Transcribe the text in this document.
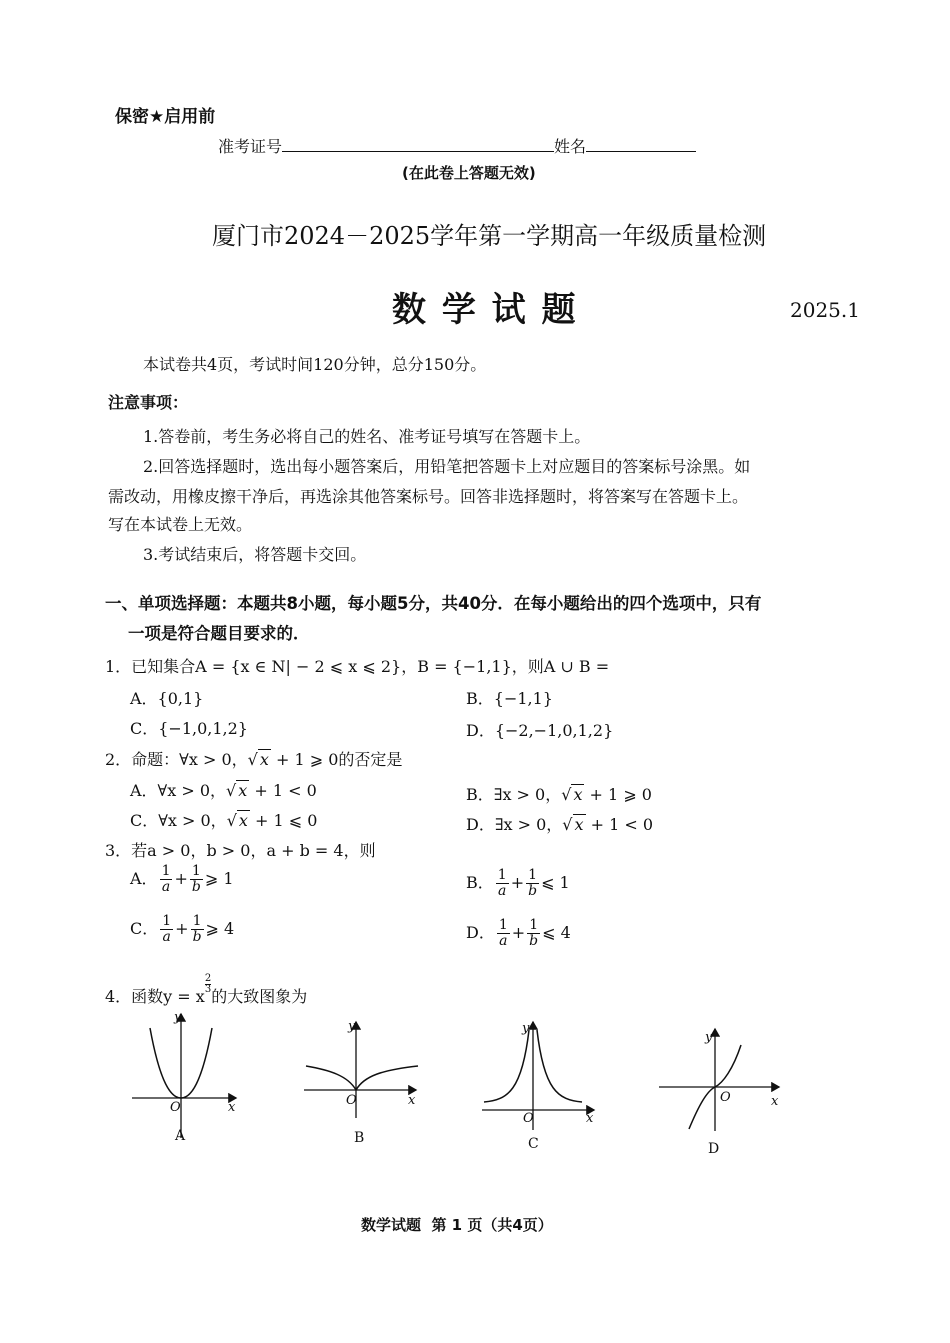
保密★启用前
准考证号	姓名
(在此卷上答题无效)
厦门市2024－2025学年第一学期高一年级质量检测
数 学 试 题	2025.1
本试卷共4页，考试时间120分钟，总分150分。
注意事项：
1.答卷前，考生务必将自己的姓名、准考证号填写在答题卡上。
2.回答选择题时，选出每小题答案后，用铅笔把答题卡上对应题目的答案标号涂黑。如
需改动，用橡皮擦干净后，再选涂其他答案标号。回答非选择题时，将答案写在答题卡上。
写在本试卷上无效。
3.考试结束后，将答题卡交回。
一、单项选择题：本题共8小题，每小题5分，共40分．在每小题给出的四个选项中，只有
一项是符合题目要求的．
1．已知集合A = {x ∈ N| − 2 ⩽ x ⩽ 2}，B = {−1,1}，则A ∪ B =
A．{0,1}	B．{−1,1}
C．{−1,0,1,2}	D．{−2,−1,0,1,2}
2．命题：∀x > 0，√ x + 1 ⩾ 0的否定是
A．∀x > 0，√ x + 1 < 0	B．∃x > 0，√ x + 1 ⩾ 0
C．∀x > 0，√ x + 1 ⩽ 0	D．∃x > 0，√ x + 1 < 0
3．若a > 0，b > 0，a + b = 4，则
A． $\frac{1}{a} + \frac{1}{b}$ ⩾ 1	B． $\frac{1}{a} + \frac{1}{b}$ ⩽ 1
C． $\frac{1}{a} + \frac{1}{b}$ ⩾ 4	D． $\frac{1}{a} + \frac{1}{b}$ ⩽ 4
4．函数y = x
$^{\frac{2}{3}}$
的大致图象为
y
x
O
A
y
x
O
B
y
x
O
C
y
x
O
D
数学试题  第 1 页（共4页）
